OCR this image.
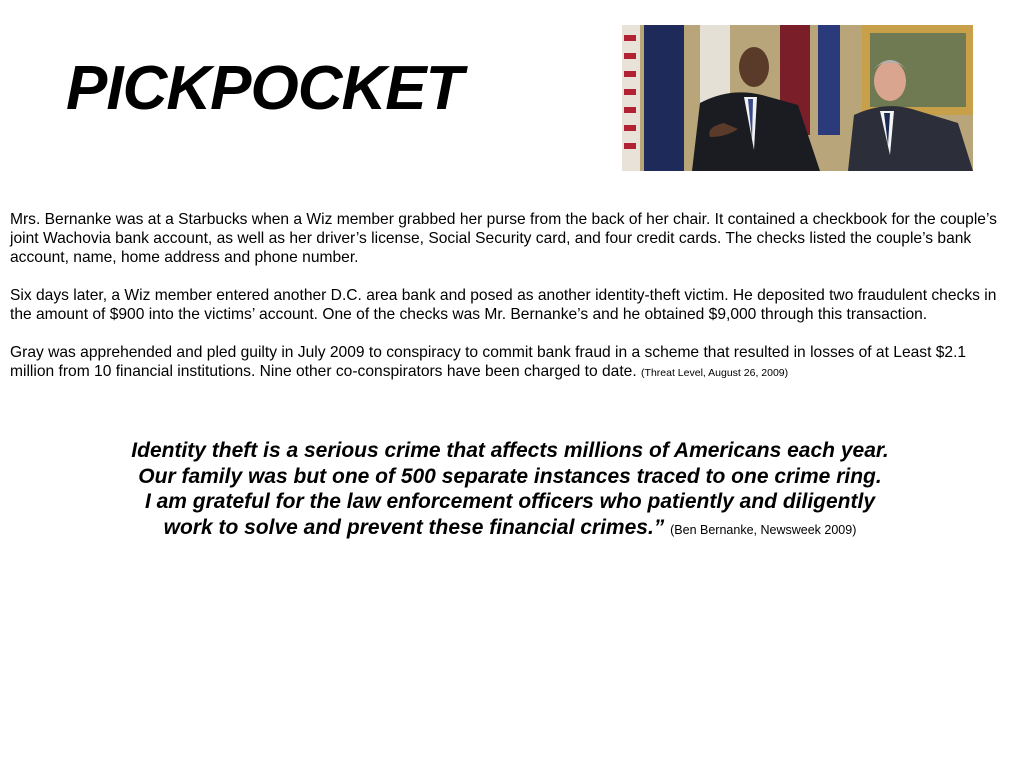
PICKPOCKET

Mrs. Bernanke was at a Starbucks when a Wiz member grabbed her purse from the back of her chair. It contained a checkbook for the couple’s joint Wachovia bank account, as well as her driver’s license, Social Security card, and four credit cards. The checks listed the couple’s bank account, name, home address and phone number.

Six days later, a Wiz member entered another D.C. area bank and posed as another identity-theft victim. He deposited two fraudulent checks in the amount of $900 into the victims’ account. One of the checks was Mr. Bernanke’s and he obtained $9,000 through this transaction.

Gray was apprehended and pled guilty in July 2009 to conspiracy to commit bank fraud in a scheme that resulted in losses of at Least $2.1 million from 10 financial institutions. Nine other co-conspirators have been charged to date. (Threat Level, August 26, 2009)

Identity theft is a serious crime that affects millions of Americans each year.
Our family was but one of 500 separate instances traced to one crime ring.
I am grateful for the law enforcement officers who patiently and diligently
work to solve and prevent these financial crimes.” (Ben Bernanke, Newsweek 2009)
